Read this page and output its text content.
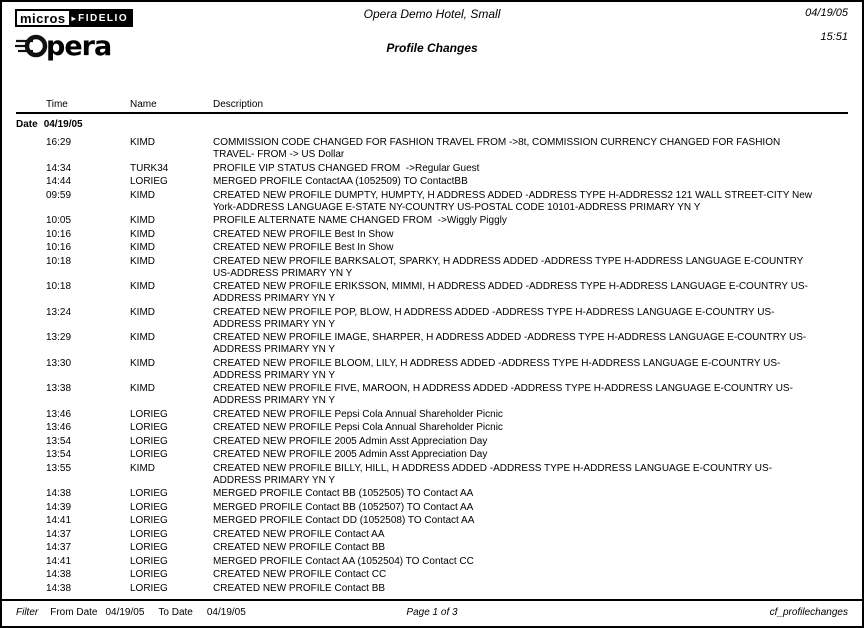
micros ▸ FIDELIO
pera
Opera Demo Hotel, Small
Profile Changes
04/19/05
15:51
Time	Name	Description
Date 04/19/05
16:29	KIMD	COMMISSION CODE CHANGED FOR FASHION TRAVEL FROM ->8t, COMMISSION CURRENCY CHANGED FOR FASHION TRAVEL- FROM -> US Dollar
14:34	TURK34	PROFILE VIP STATUS CHANGED FROM  ->Regular Guest
14:44	LORIEG	MERGED PROFILE ContactAA (1052509) TO ContactBB
09:59	KIMD	CREATED NEW PROFILE DUMPTY, HUMPTY, H ADDRESS ADDED -ADDRESS TYPE H-ADDRESS2 121 WALL STREET-CITY New York-ADDRESS LANGUAGE E-STATE NY-COUNTRY US-POSTAL CODE 10101-ADDRESS PRIMARY YN Y
10:05	KIMD	PROFILE ALTERNATE NAME CHANGED FROM  ->Wiggly Piggly
10:16	KIMD	CREATED NEW PROFILE Best In Show
10:16	KIMD	CREATED NEW PROFILE Best In Show
10:18	KIMD	CREATED NEW PROFILE BARKSALOT, SPARKY, H ADDRESS ADDED -ADDRESS TYPE H-ADDRESS LANGUAGE E-COUNTRY US-ADDRESS PRIMARY YN Y
10:18	KIMD	CREATED NEW PROFILE ERIKSSON, MIMMI, H ADDRESS ADDED -ADDRESS TYPE H-ADDRESS LANGUAGE E-COUNTRY US-ADDRESS PRIMARY YN Y
13:24	KIMD	CREATED NEW PROFILE POP, BLOW, H ADDRESS ADDED -ADDRESS TYPE H-ADDRESS LANGUAGE E-COUNTRY US-ADDRESS PRIMARY YN Y
13:29	KIMD	CREATED NEW PROFILE IMAGE, SHARPER, H ADDRESS ADDED -ADDRESS TYPE H-ADDRESS LANGUAGE E-COUNTRY US-ADDRESS PRIMARY YN Y
13:30	KIMD	CREATED NEW PROFILE BLOOM, LILY, H ADDRESS ADDED -ADDRESS TYPE H-ADDRESS LANGUAGE E-COUNTRY US-ADDRESS PRIMARY YN Y
13:38	KIMD	CREATED NEW PROFILE FIVE, MAROON, H ADDRESS ADDED -ADDRESS TYPE H-ADDRESS LANGUAGE E-COUNTRY US-ADDRESS PRIMARY YN Y
13:46	LORIEG	CREATED NEW PROFILE Pepsi Cola Annual Shareholder Picnic
13:46	LORIEG	CREATED NEW PROFILE Pepsi Cola Annual Shareholder Picnic
13:54	LORIEG	CREATED NEW PROFILE 2005 Admin Asst Appreciation Day
13:54	LORIEG	CREATED NEW PROFILE 2005 Admin Asst Appreciation Day
13:55	KIMD	CREATED NEW PROFILE BILLY, HILL, H ADDRESS ADDED -ADDRESS TYPE H-ADDRESS LANGUAGE E-COUNTRY US-ADDRESS PRIMARY YN Y
14:38	LORIEG	MERGED PROFILE Contact BB (1052505) TO Contact AA
14:39	LORIEG	MERGED PROFILE Contact BB (1052507) TO Contact AA
14:41	LORIEG	MERGED PROFILE Contact DD (1052508) TO Contact AA
14:37	LORIEG	CREATED NEW PROFILE Contact AA
14:37	LORIEG	CREATED NEW PROFILE Contact BB
14:41	LORIEG	MERGED PROFILE Contact AA (1052504) TO Contact CC
14:38	LORIEG	CREATED NEW PROFILE Contact CC
14:38	LORIEG	CREATED NEW PROFILE Contact BB
Filter From Date 04/19/05 To Date 04/19/05	Page 1 of 3	cf_profilechanges
